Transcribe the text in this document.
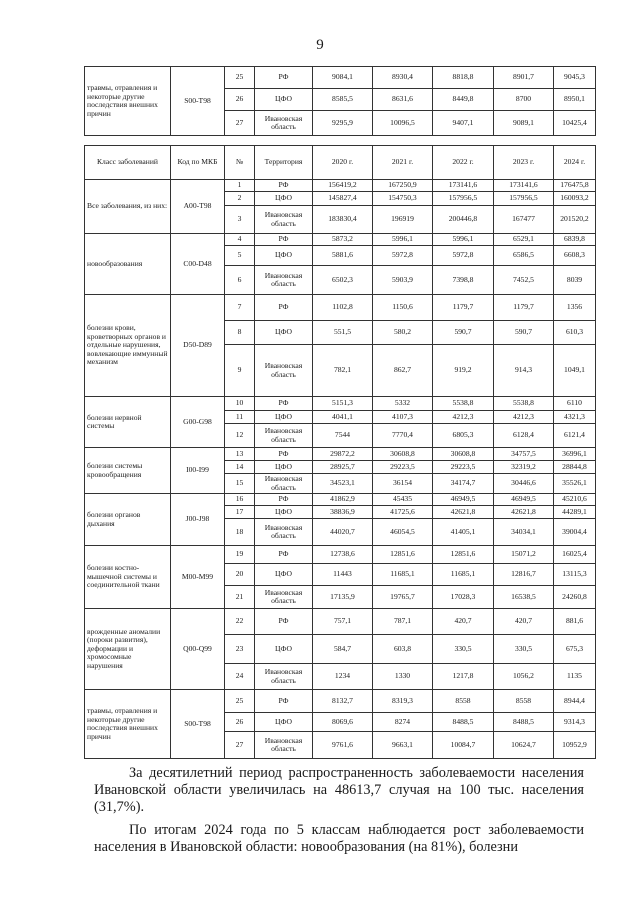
9
травмы, отравления и некоторые другие последствия внешних причин	S00-T98	25	РФ	9084,1	8930,4	8818,8	8901,7	9045,3
		26	ЦФО	8585,5	8631,6	8449,8	8700	8950,1
		27	Ивановская область	9295,9	10096,5	9407,1	9089,1	10425,4
Класс заболеваний	Код по МКБ	№	Территория	2020 г.	2021 г.	2022 г.	2023 г.	2024 г.
Все заболевания, из них:	A00-T98	1	РФ	156419,2	167250,9	173141,6	173141,6	176475,8
		2	ЦФО	145827,4	154750,3	157956,5	157956,5	160093,2
		3	Ивановская область	183830,4	196919	200446,8	167477	201520,2
новообразования	C00-D48	4	РФ	5873,2	5996,1	5996,1	6529,1	6839,8
		5	ЦФО	5881,6	5972,8	5972,8	6586,5	6608,3
		6	Ивановская область	6502,3	5903,9	7398,8	7452,5	8039
болезни крови, кроветворных органов и отдельные нарушения, вовлекающие иммунный механизм	D50-D89	7	РФ	1102,8	1150,6	1179,7	1179,7	1356
		8	ЦФО	551,5	580,2	590,7	590,7	610,3
		9	Ивановская область	782,1	862,7	919,2	914,3	1049,1
болезни нервной системы	G00-G98	10	РФ	5151,3	5332	5538,8	5538,8	6110
		11	ЦФО	4041,1	4107,3	4212,3	4212,3	4321,3
		12	Ивановская область	7544	7770,4	6805,3	6128,4	6121,4
болезни системы кровообращения	I00-I99	13	РФ	29872,2	30608,8	30608,8	34757,5	36996,1
		14	ЦФО	28925,7	29223,5	29223,5	32319,2	28844,8
		15	Ивановская область	34523,1	36154	34174,7	30446,6	35526,1
болезни органов дыхания	J00-J98	16	РФ	41862,9	45435	46949,5	46949,5	45210,6
		17	ЦФО	38836,9	41725,6	42621,8	42621,8	44289,1
		18	Ивановская область	44020,7	46054,5	41405,1	34034,1	39004,4
болезни костно-мышечной системы и соединительной ткани	M00-M99	19	РФ	12738,6	12851,6	12851,6	15071,2	16025,4
		20	ЦФО	11443	11685,1	11685,1	12816,7	13115,3
		21	Ивановская область	17135,9	19765,7	17028,3	16538,5	24260,8
врожденные аномалии (пороки развития), деформации и хромосомные нарушения	Q00-Q99	22	РФ	757,1	787,1	420,7	420,7	881,6
		23	ЦФО	584,7	603,8	330,5	330,5	675,3
		24	Ивановская область	1234	1330	1217,8	1056,2	1135
травмы, отравления и некоторые другие последствия внешних причин	S00-T98	25	РФ	8132,7	8319,3	8558	8558	8944,4
		26	ЦФО	8069,6	8274	8488,5	8488,5	9314,3
		27	Ивановская область	9761,6	9663,1	10084,7	10624,7	10952,9

За десятилетний период распространенность заболеваемости населения Ивановской области увеличилась на 48613,7 случая на 100 тыс. населения (31,7%).

По итогам 2024 года по 5 классам наблюдается рост заболеваемости населения в Ивановской области: новообразования (на 81%), болезни
